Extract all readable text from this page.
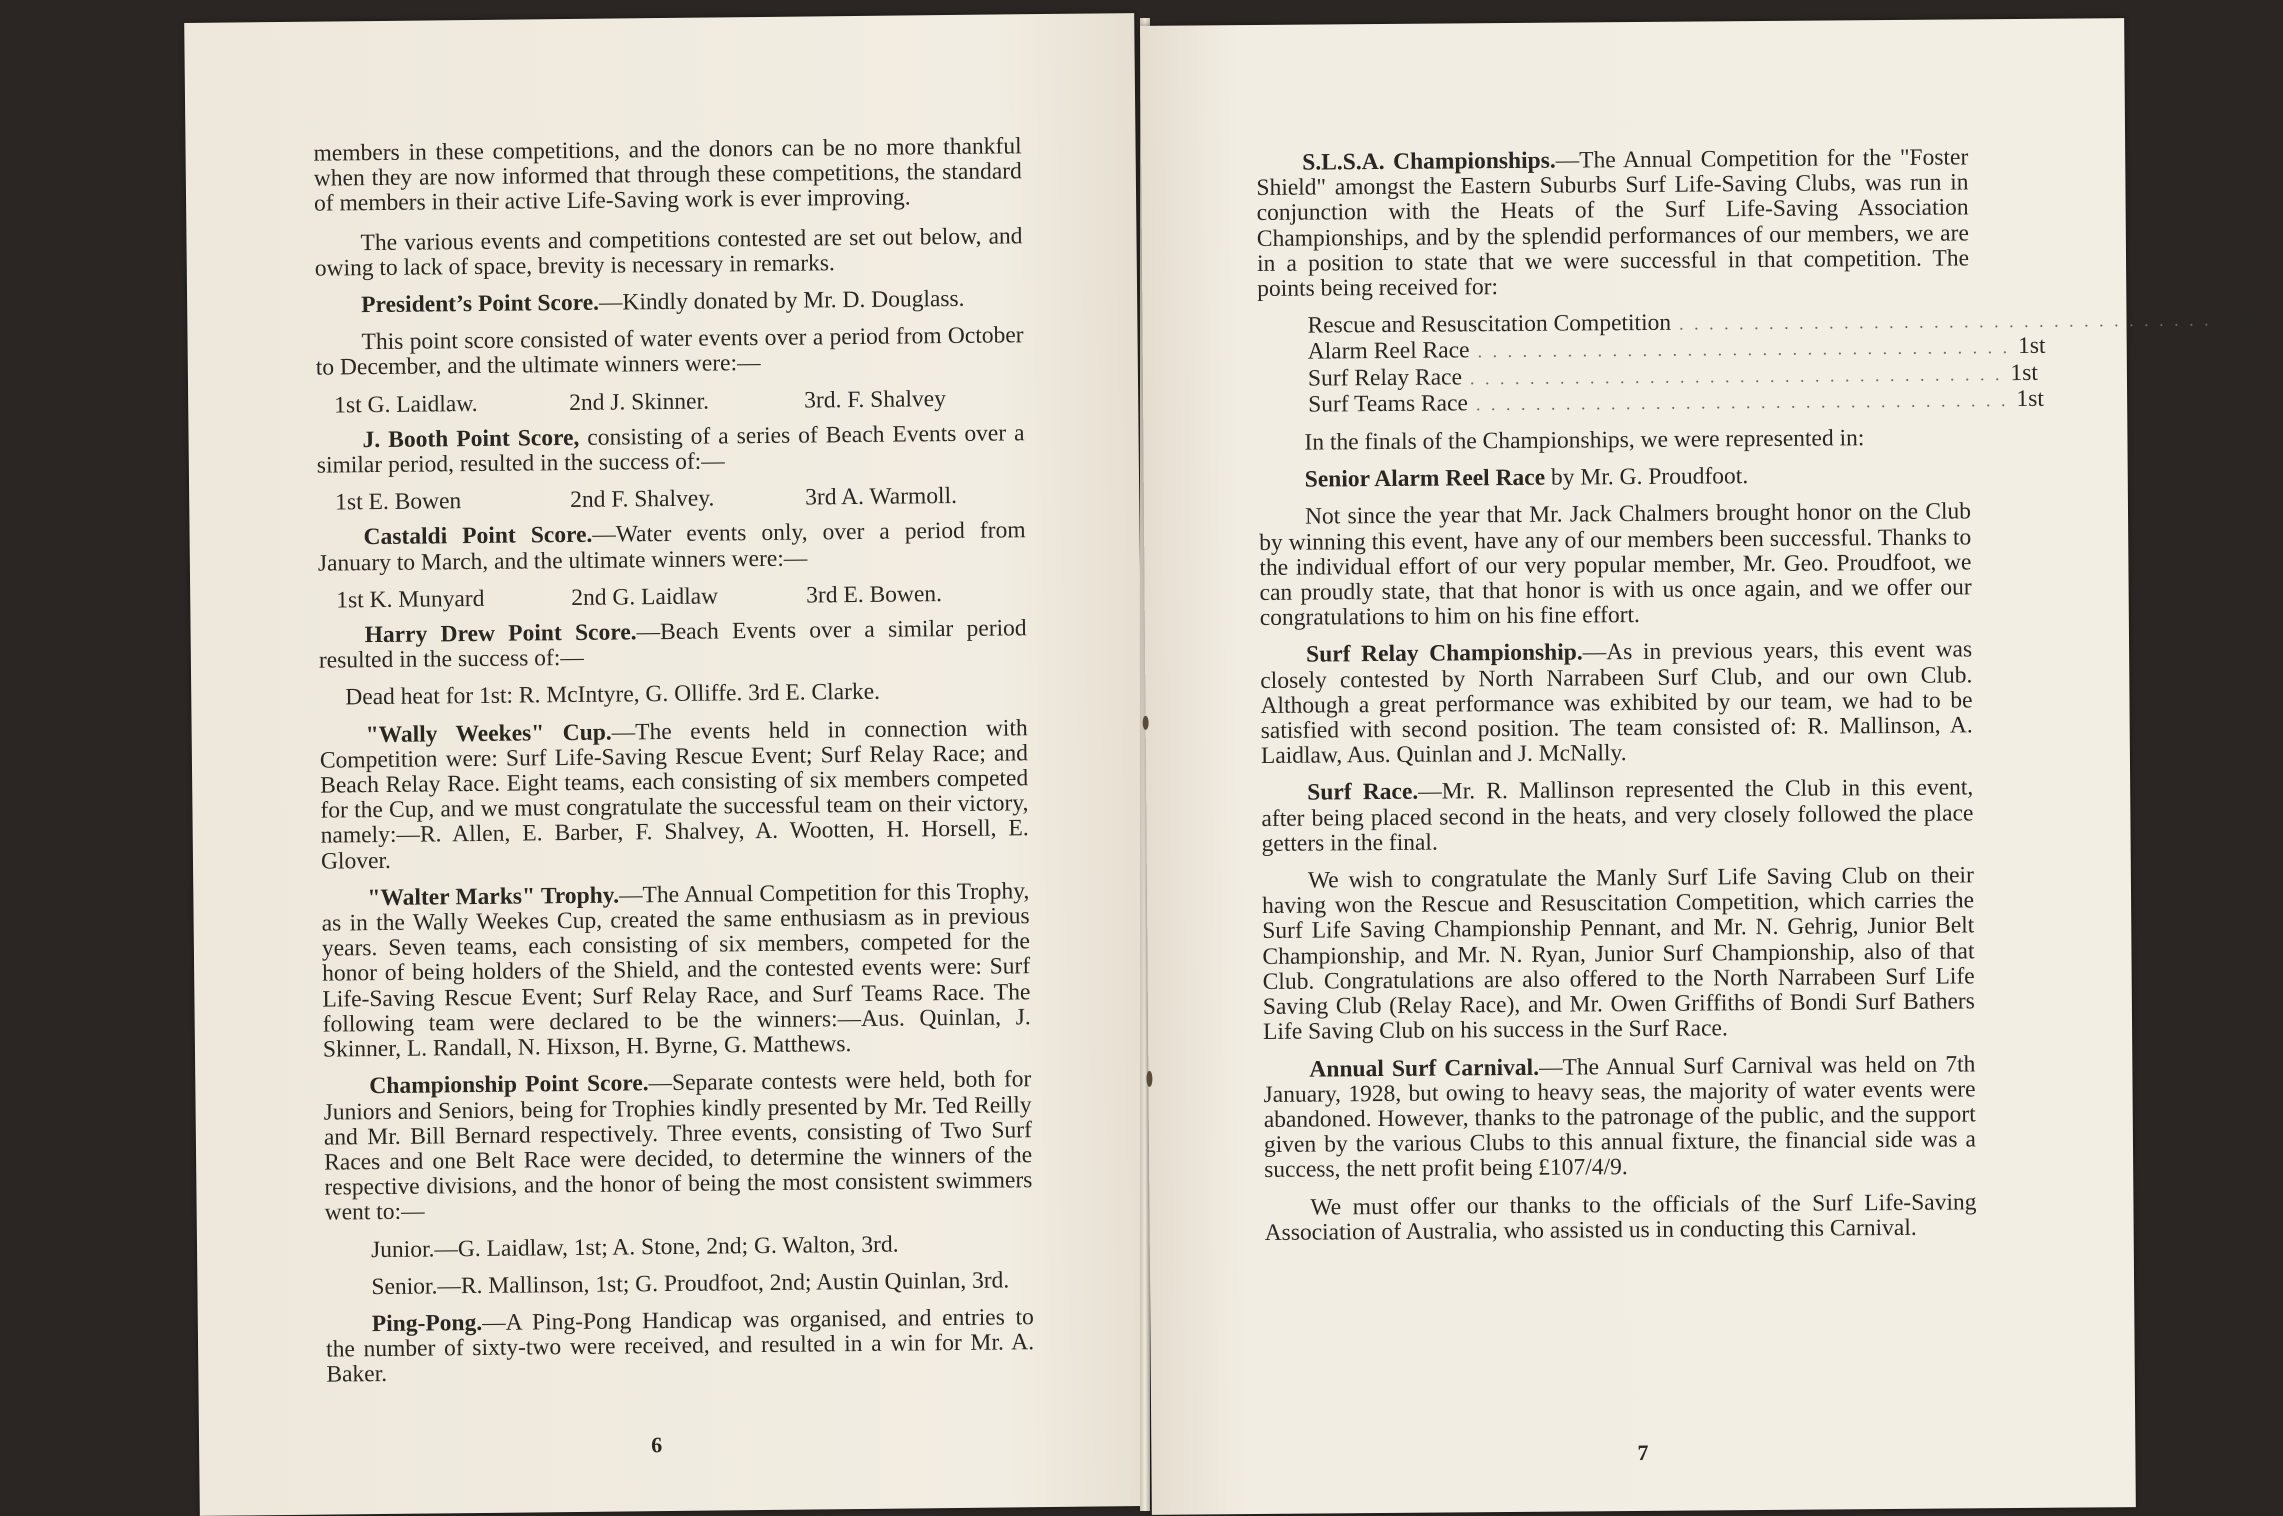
members in these competitions, and the donors can be no more thankful when they are now informed that through these competitions, the standard of members in their active Life-Saving work is ever improving.

The various events and competitions contested are set out below, and owing to lack of space, brevity is necessary in remarks.

President’s Point Score.—Kindly donated by Mr. D. Douglass.

This point score consisted of water events over a period from October to December, and the ultimate winners were:—

1st G. Laidlaw.	2nd J. Skinner.	3rd. F. Shalvey

J. Booth Point Score, consisting of a series of Beach Events over a similar period, resulted in the success of:—

1st E. Bowen	2nd F. Shalvey.	3rd A. Warmoll.

Castaldi Point Score.—Water events only, over a period from January to March, and the ultimate winners were:—

1st K. Munyard	2nd G. Laidlaw	3rd E. Bowen.

Harry Drew Point Score.—Beach Events over a similar period resulted in the success of:—

Dead heat for 1st: R. McIntyre, G. Olliffe. 3rd E. Clarke.

"Wally Weekes" Cup.—The events held in connection with Competition were: Surf Life-Saving Rescue Event; Surf Relay Race; and Beach Relay Race. Eight teams, each consisting of six members competed for the Cup, and we must congratulate the successful team on their victory, namely:—R. Allen, E. Barber, F. Shalvey, A. Wootten, H. Horsell, E. Glover.

"Walter Marks" Trophy.—The Annual Competition for this Trophy, as in the Wally Weekes Cup, created the same enthusiasm as in previous years. Seven teams, each consisting of six members, competed for the honor of being holders of the Shield, and the contested events were: Surf Life-Saving Rescue Event; Surf Relay Race, and Surf Teams Race. The following team were declared to be the winners:—Aus. Quinlan, J. Skinner, L. Randall, N. Hixson, H. Byrne, G. Matthews.

Championship Point Score.—Separate contests were held, both for Juniors and Seniors, being for Trophies kindly presented by Mr. Ted Reilly and Mr. Bill Bernard respectively. Three events, consisting of Two Surf Races and one Belt Race were decided, to determine the winners of the respective divisions, and the honor of being the most consistent swimmers went to:—

Junior.—G. Laidlaw, 1st; A. Stone, 2nd; G. Walton, 3rd.

Senior.—R. Mallinson, 1st; G. Proudfoot, 2nd; Austin Quinlan, 3rd.

Ping-Pong.—A Ping-Pong Handicap was organised, and entries to the number of sixty-two were received, and resulted in a win for Mr. A. Baker.

6

S.L.S.A. Championships.—The Annual Competition for the "Foster Shield" amongst the Eastern Suburbs Surf Life-Saving Clubs, was run in conjunction with the Heats of the Surf Life-Saving Association Championships, and by the splendid performances of our members, we are in a position to state that we were successful in that competition. The points being received for:

Rescue and Resuscitation Competition . . . . . . . . . . . . . . . . . . . . . . . . . . . . . . . . . . . . 2nd
Alarm Reel Race . . . . . . . . . . . . . . . . . . . . . . . . . . . . . . . . . . . . 1st
Surf Relay Race . . . . . . . . . . . . . . . . . . . . . . . . . . . . . . . . . . . . 1st
Surf Teams Race . . . . . . . . . . . . . . . . . . . . . . . . . . . . . . . . . . . . 1st

In the finals of the Championships, we were represented in:

Senior Alarm Reel Race by Mr. G. Proudfoot.

Not since the year that Mr. Jack Chalmers brought honor on the Club by winning this event, have any of our members been successful. Thanks to the individual effort of our very popular member, Mr. Geo. Proudfoot, we can proudly state, that that honor is with us once again, and we offer our congratulations to him on his fine effort.

Surf Relay Championship.—As in previous years, this event was closely contested by North Narrabeen Surf Club, and our own Club. Although a great performance was exhibited by our team, we had to be satisfied with second position. The team consisted of: R. Mallinson, A. Laidlaw, Aus. Quinlan and J. McNally.

Surf Race.—Mr. R. Mallinson represented the Club in this event, after being placed second in the heats, and very closely followed the place getters in the final.

We wish to congratulate the Manly Surf Life Saving Club on their having won the Rescue and Resuscitation Competition, which carries the Surf Life Saving Championship Pennant, and Mr. N. Gehrig, Junior Belt Championship, and Mr. N. Ryan, Junior Surf Championship, also of that Club. Congratulations are also offered to the North Narrabeen Surf Life Saving Club (Relay Race), and Mr. Owen Griffiths of Bondi Surf Bathers Life Saving Club on his success in the Surf Race.

Annual Surf Carnival.—The Annual Surf Carnival was held on 7th January, 1928, but owing to heavy seas, the majority of water events were abandoned. However, thanks to the patronage of the public, and the support given by the various Clubs to this annual fixture, the financial side was a success, the nett profit being £107/4/9.

We must offer our thanks to the officials of the Surf Life-Saving Association of Australia, who assisted us in conducting this Carnival.

7
